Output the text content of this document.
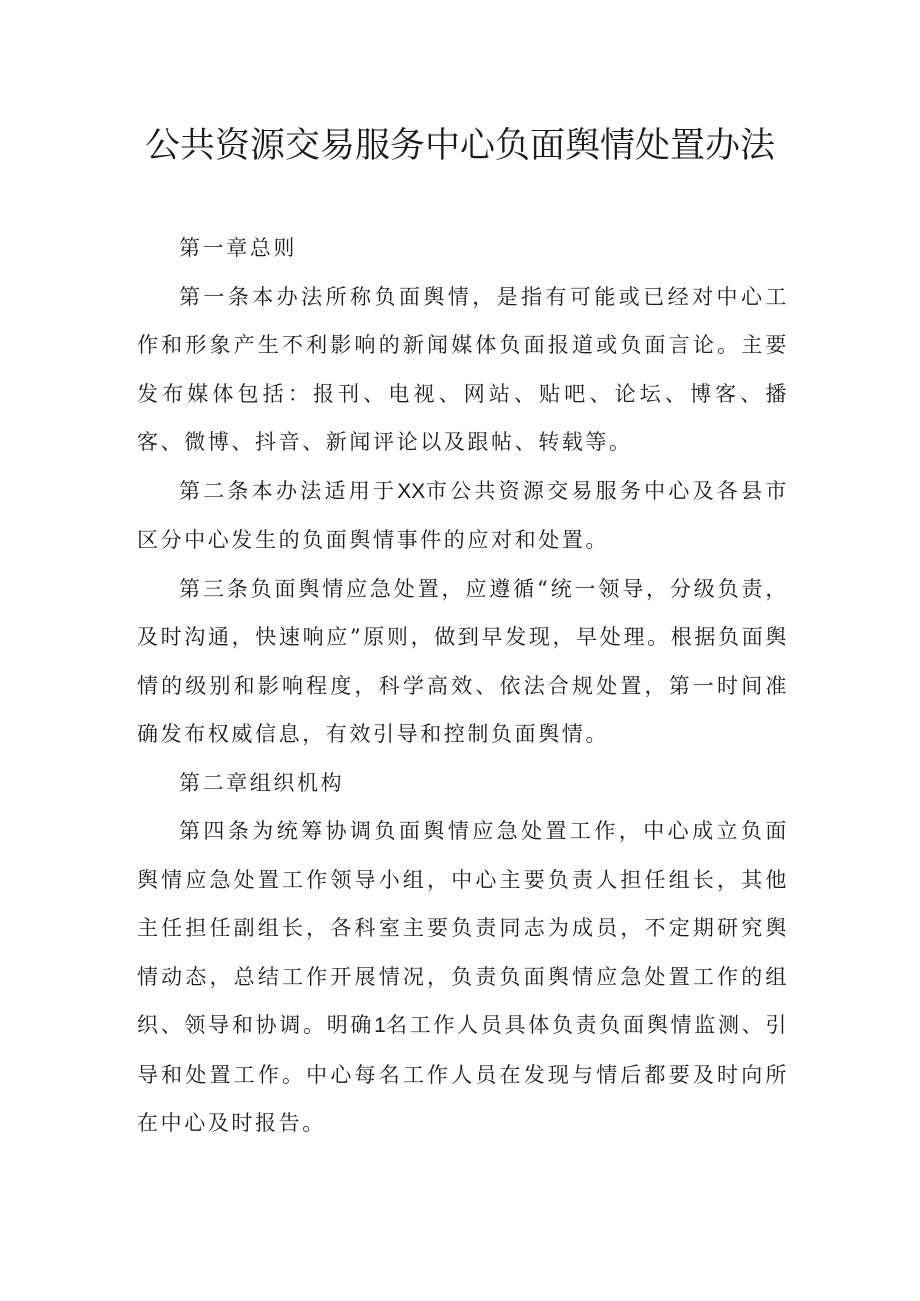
公共资源交易服务中心负面舆情处置办法

第一章总则

第一条本办法所称负面舆情，是指有可能或已经对中心工作和形象产生不利影响的新闻媒体负面报道或负面言论。主要发布媒体包括：报刊、电视、网站、贴吧、论坛、博客、播客、微博、抖音、新闻评论以及跟帖、转载等。

第二条本办法适用于XX市公共资源交易服务中心及各县市区分中心发生的负面舆情事件的应对和处置。

第三条负面舆情应急处置，应遵循“统一领导，分级负责，及时沟通，快速响应”原则，做到早发现，早处理。根据负面舆情的级别和影响程度，科学高效、依法合规处置，第一时间准确发布权威信息，有效引导和控制负面舆情。

第二章组织机构

第四条为统筹协调负面舆情应急处置工作，中心成立负面舆情应急处置工作领导小组，中心主要负责人担任组长，其他主任担任副组长，各科室主要负责同志为成员，不定期研究舆情动态，总结工作开展情况，负责负面舆情应急处置工作的组织、领导和协调。明确1名工作人员具体负责负面舆情监测、引导和处置工作。中心每名工作人员在发现与情后都要及时向所在中心及时报告。
